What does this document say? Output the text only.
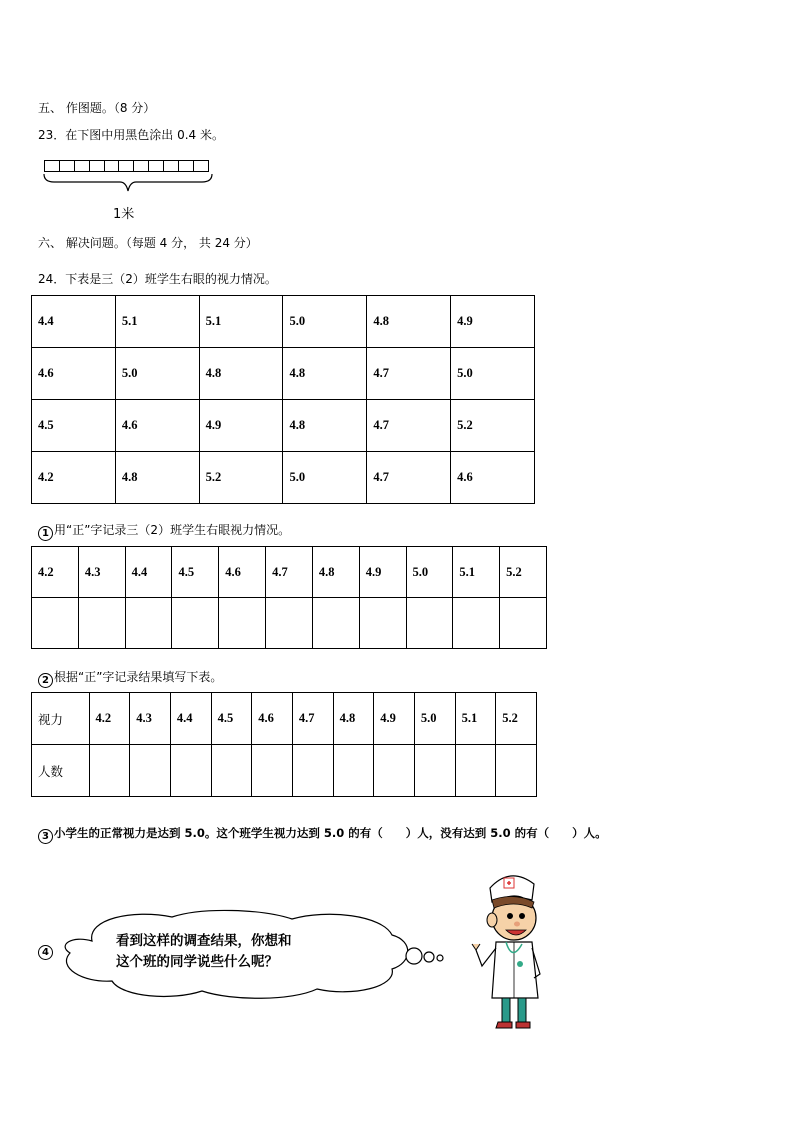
五、 作图题。（8 分）
23．在下图中用黑色涂出 0.4 米。
1米
六、 解决问题。（每题 4 分， 共 24 分）
24．下表是三（2）班学生右眼的视力情况。
4.4	5.1	5.1	5.0	4.8	4.9
4.6	5.0	4.8	4.8	4.7	5.0
4.5	4.6	4.9	4.8	4.7	5.2
4.2	4.8	5.2	5.0	4.7	4.6
1 用“正”字记录三（2）班学生右眼视力情况。
4.2	4.3	4.4	4.5	4.6	4.7	4.8	4.9	5.0	5.1	5.2

2 根据“正”字记录结果填写下表。
视力	4.2	4.3	4.4	4.5	4.6	4.7	4.8	4.9	5.0	5.1	5.2
人数											
3 小学生的正常视力是达到 5.0。这个班学生视力达到 5.0 的有（　　）人，没有达到 5.0 的有（　　）人。
4
看到这样的调查结果，你想和
这个班的同学说些什么呢？
